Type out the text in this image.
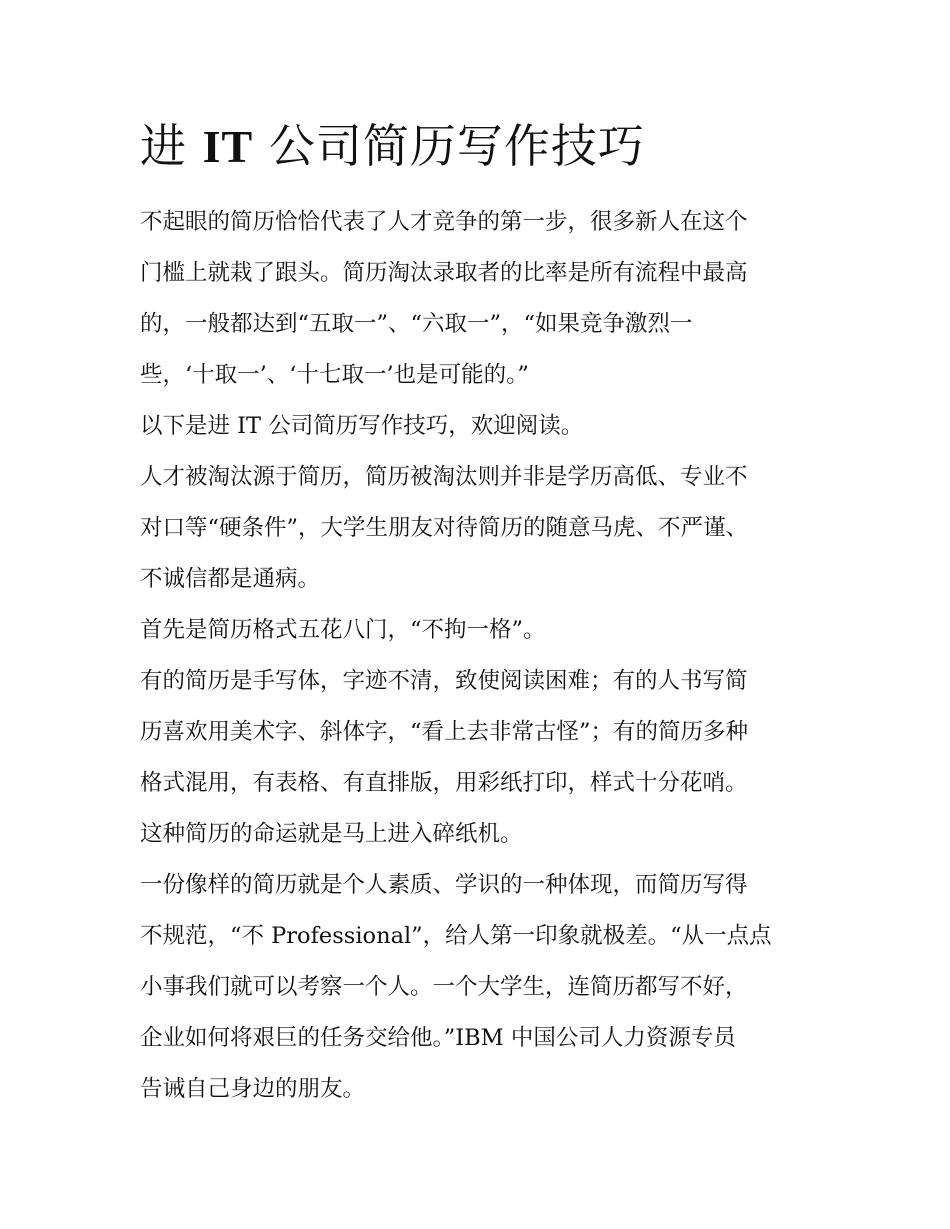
进 IT 公司简历写作技巧
不起眼的简历恰恰代表了人才竞争的第一步，很多新人在这个
门槛上就栽了跟头。简历淘汰录取者的比率是所有流程中最高
的，一般都达到“五取一”、“六取一”，“如果竞争激烈一
些，‘十取一’、‘十七取一’也是可能的。”
以下是进 IT 公司简历写作技巧，欢迎阅读。
人才被淘汰源于简历，简历被淘汰则并非是学历高低、专业不
对口等“硬条件”，大学生朋友对待简历的随意马虎、不严谨、
不诚信都是通病。
首先是简历格式五花八门，“不拘一格”。
有的简历是手写体，字迹不清，致使阅读困难；有的人书写简
历喜欢用美术字、斜体字，“看上去非常古怪”；有的简历多种
格式混用，有表格、有直排版，用彩纸打印，样式十分花哨。
这种简历的命运就是马上进入碎纸机。
一份像样的简历就是个人素质、学识的一种体现，而简历写得
不规范，“不 Professional”，给人第一印象就极差。“从一点点
小事我们就可以考察一个人。一个大学生，连简历都写不好，
企业如何将艰巨的任务交给他。”IBM 中国公司人力资源专员
告诫自己身边的朋友。
